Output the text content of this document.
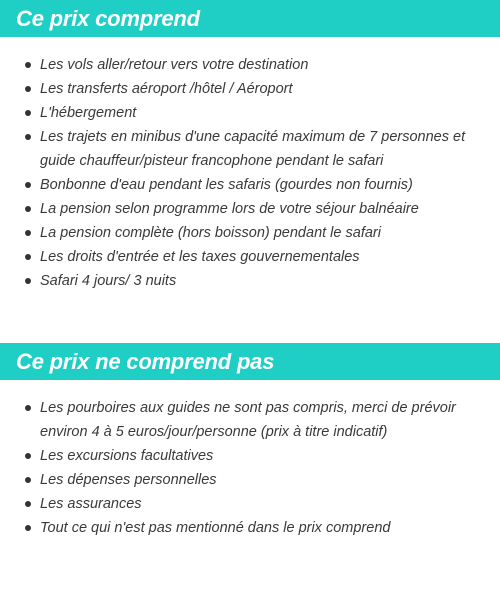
Ce prix comprend
Les vols aller/retour vers votre destination
Les transferts aéroport /hôtel / Aéroport
L'hébergement
Les trajets en minibus d'une capacité maximum de 7 personnes et guide chauffeur/pisteur francophone pendant le safari
Bonbonne d'eau pendant les safaris (gourdes non fournis)
La pension selon programme lors de votre séjour balnéaire
La pension complète (hors boisson) pendant le safari
Les droits d'entrée et les taxes gouvernementales
Safari 4 jours/ 3 nuits
Ce prix ne comprend pas
Les pourboires aux guides ne sont pas compris, merci de prévoir environ 4 à 5 euros/jour/personne (prix à titre indicatif)
Les excursions facultatives
Les dépenses personnelles
Les assurances
Tout ce qui n'est pas mentionné dans le prix comprend
